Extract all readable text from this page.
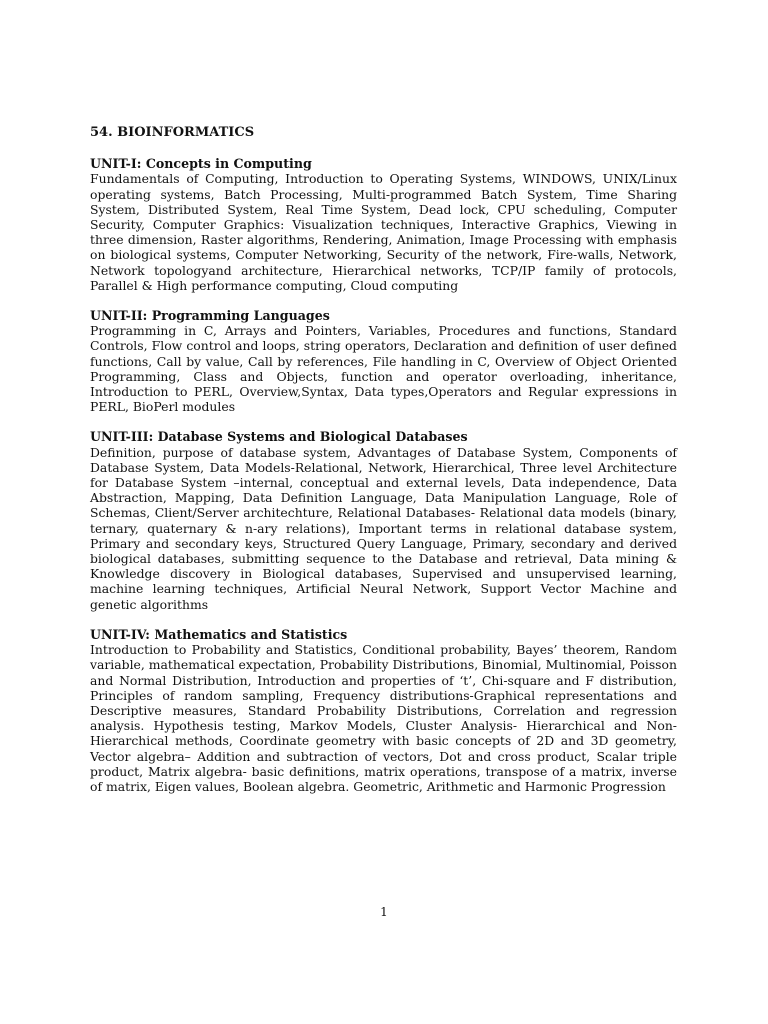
54. BIOINFORMATICS
UNIT-I: Concepts in Computing
Fundamentals of Computing, Introduction to Operating Systems, WINDOWS, UNIX/Linux operating systems, Batch Processing, Multi-programmed Batch System, Time Sharing System, Distributed System, Real Time System, Dead lock, CPU scheduling, Computer Security, Computer Graphics: Visualization techniques, Interactive Graphics, Viewing in three dimension, Raster algorithms, Rendering, Animation, Image Processing with emphasis on biological systems, Computer Networking, Security of the network, Fire-walls, Network, Network topologyand architecture, Hierarchical networks, TCP/IP family of protocols, Parallel & High performance computing, Cloud computing
UNIT-II: Programming Languages
Programming in C, Arrays and Pointers, Variables, Procedures and functions, Standard Controls, Flow control and loops, string operators, Declaration and definition of user defined functions, Call by value, Call by references, File handling in C, Overview of Object Oriented Programming, Class and Objects, function and operator overloading, inheritance, Introduction to PERL, Overview,Syntax, Data types,Operators and Regular expressions in PERL, BioPerl modules
UNIT-III: Database Systems and Biological Databases
Definition, purpose of database system, Advantages of Database System, Components of Database System, Data Models-Relational, Network, Hierarchical, Three level Architecture for Database System –internal, conceptual and external levels, Data independence, Data Abstraction, Mapping, Data Definition Language, Data Manipulation Language, Role of Schemas, Client/Server architechture, Relational Databases- Relational data models (binary, ternary, quaternary & n-ary relations), Important terms in relational database system, Primary and secondary keys, Structured Query Language, Primary, secondary and derived biological databases, submitting sequence to the Database and retrieval, Data mining & Knowledge discovery in Biological databases, Supervised and unsupervised learning, machine learning techniques, Artificial Neural Network, Support Vector Machine and genetic algorithms
UNIT-IV: Mathematics and Statistics
Introduction to Probability and Statistics, Conditional probability, Bayes’ theorem, Random variable, mathematical expectation, Probability Distributions, Binomial, Multinomial, Poisson and Normal Distribution, Introduction and properties of ‘t’, Chi-square and F distribution, Principles of random sampling, Frequency distributions-Graphical representations and Descriptive measures, Standard Probability Distributions, Correlation and regression analysis. Hypothesis testing, Markov Models, Cluster Analysis- Hierarchical and Non-Hierarchical methods, Coordinate geometry with basic concepts of 2D and 3D geometry, Vector algebra– Addition and subtraction of vectors, Dot and cross product, Scalar triple product, Matrix algebra- basic definitions, matrix operations, transpose of a matrix, inverse of matrix, Eigen values, Boolean algebra. Geometric, Arithmetic and Harmonic Progression
1
